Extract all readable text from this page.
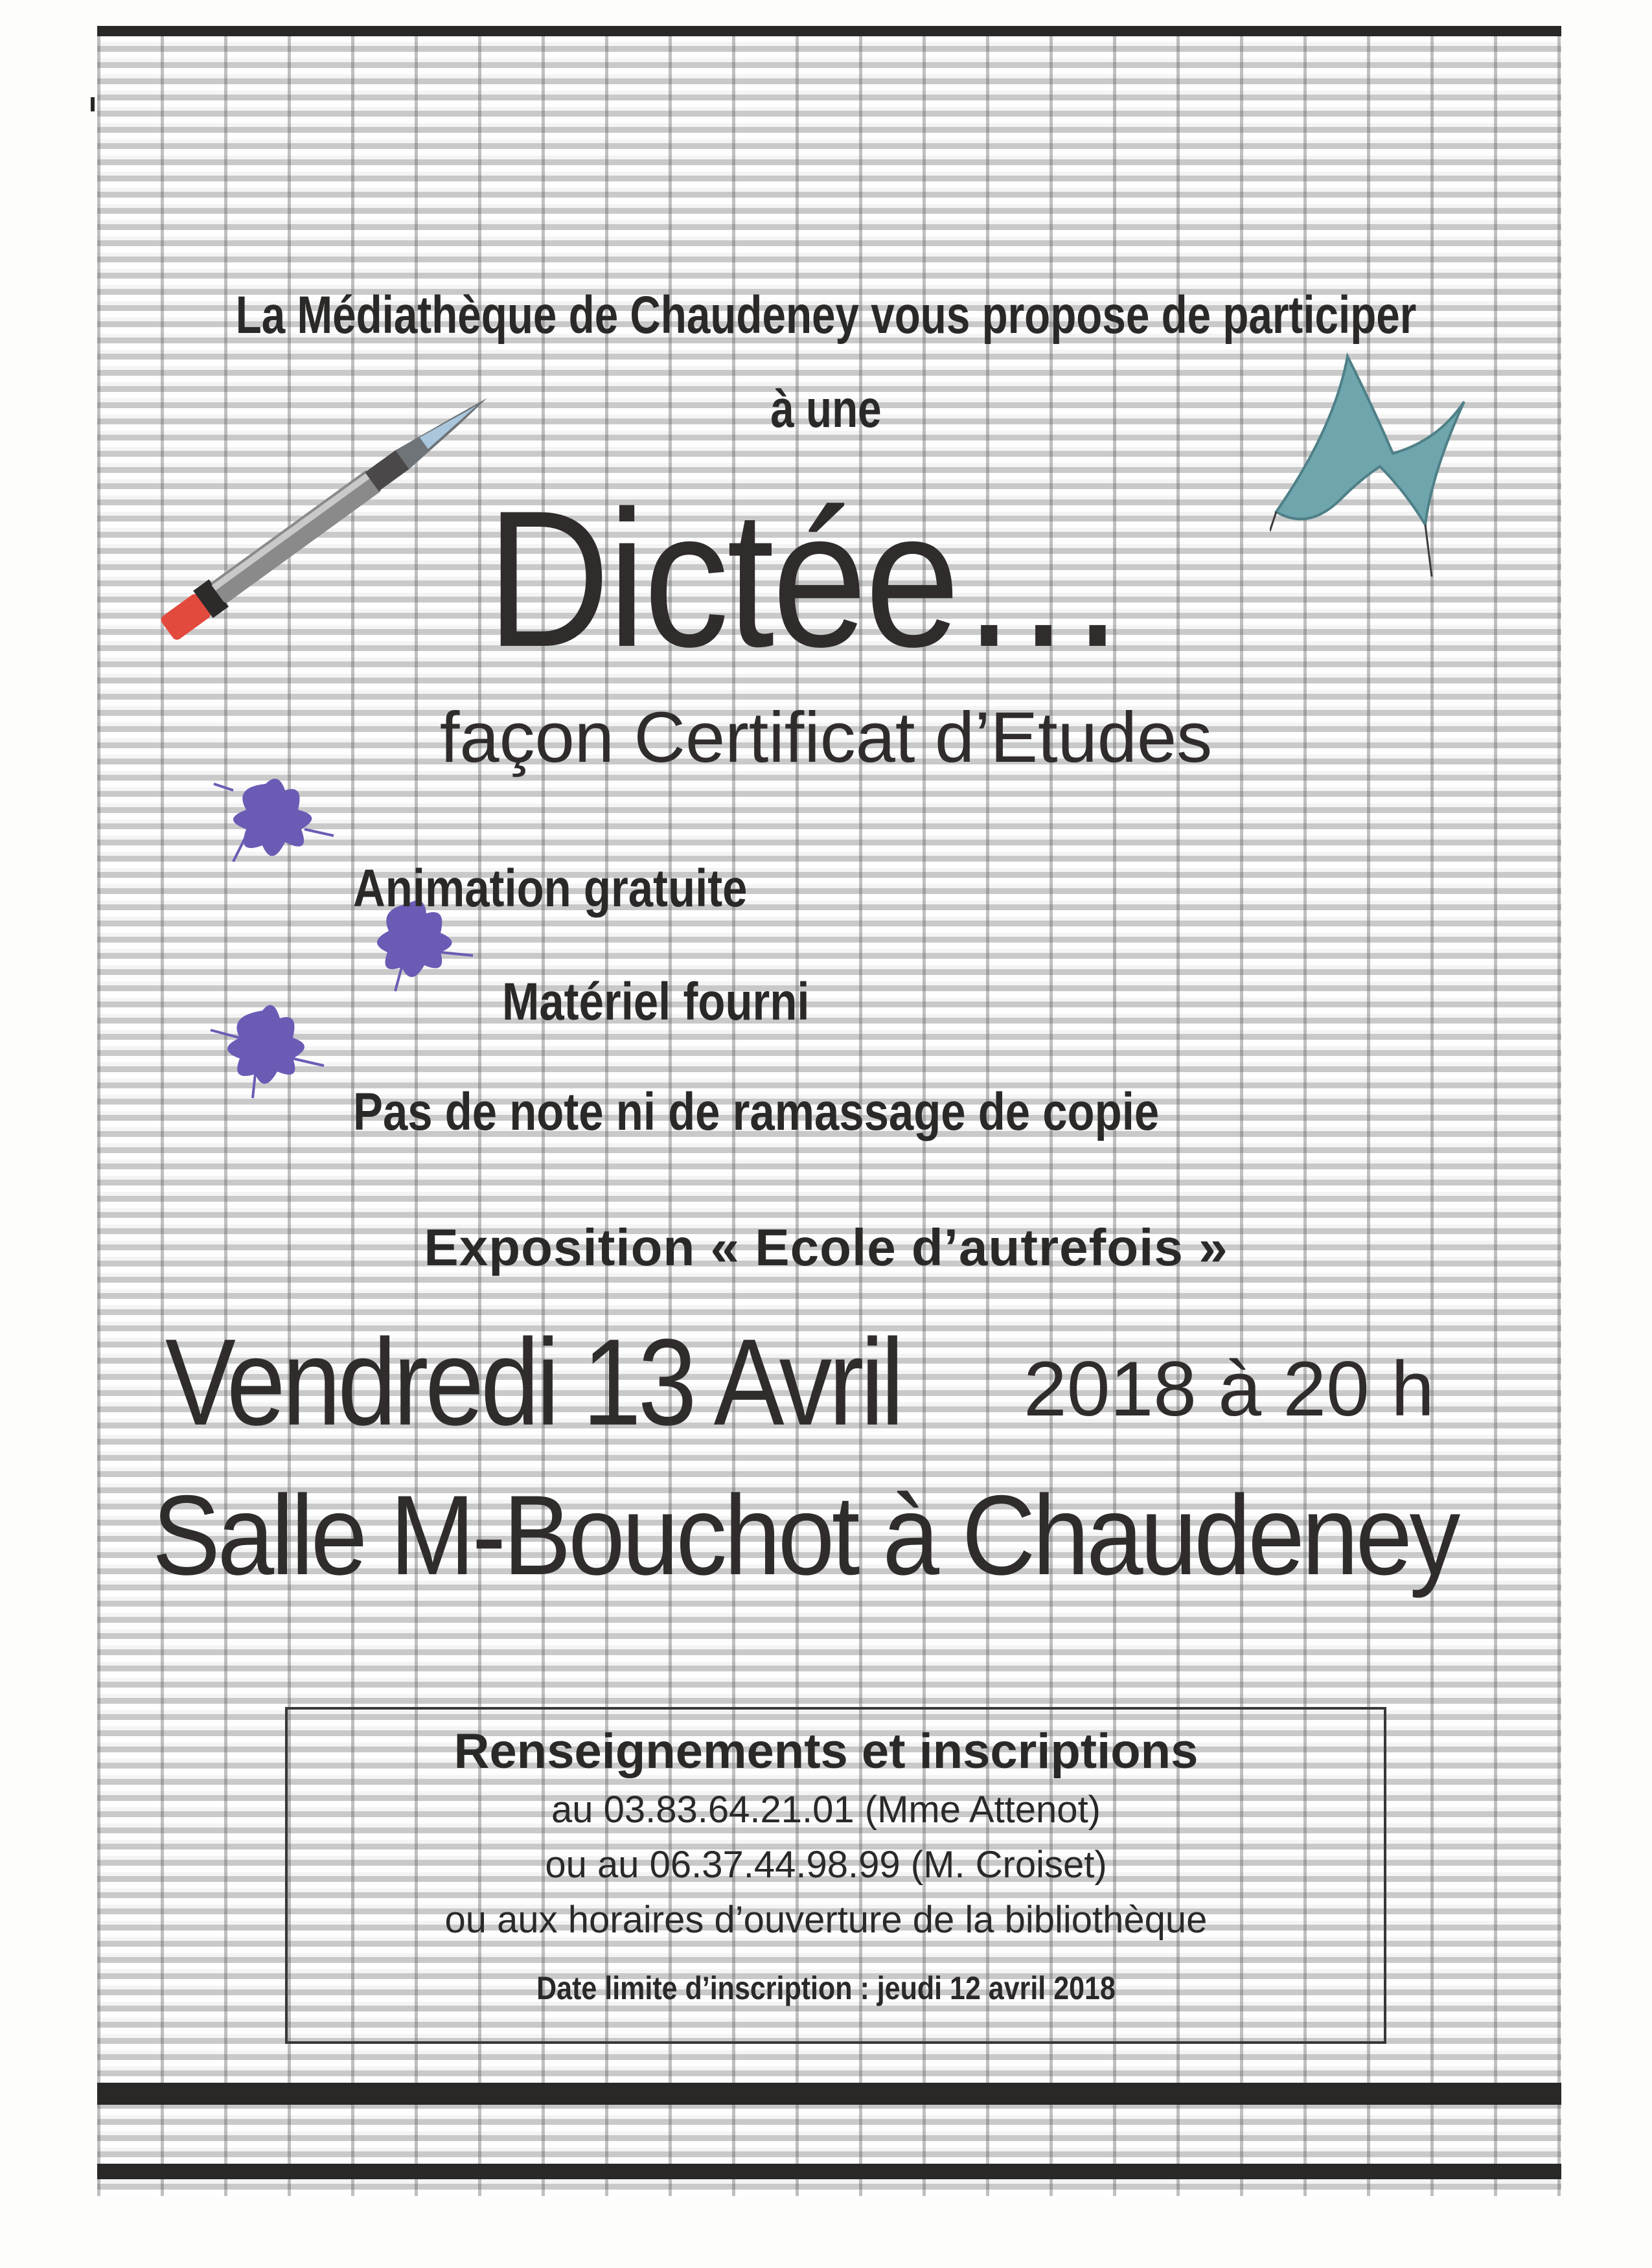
La Médiathèque de Chaudeney vous propose de participer
à une
Dictée…
façon Certificat d’Etudes
Animation gratuite
Matériel fourni
Pas de note ni de ramassage de copie
Exposition « Ecole d’autrefois »
Vendredi 13 Avril	2018 à 20 h
Salle M-Bouchot à Chaudeney
Renseignements et inscriptions
au 03.83.64.21.01 (Mme Attenot)
ou au 06.37.44.98.99 (M. Croiset)
ou aux horaires d’ouverture de la bibliothèque
Date limite d’inscription : jeudi 12 avril 2018
